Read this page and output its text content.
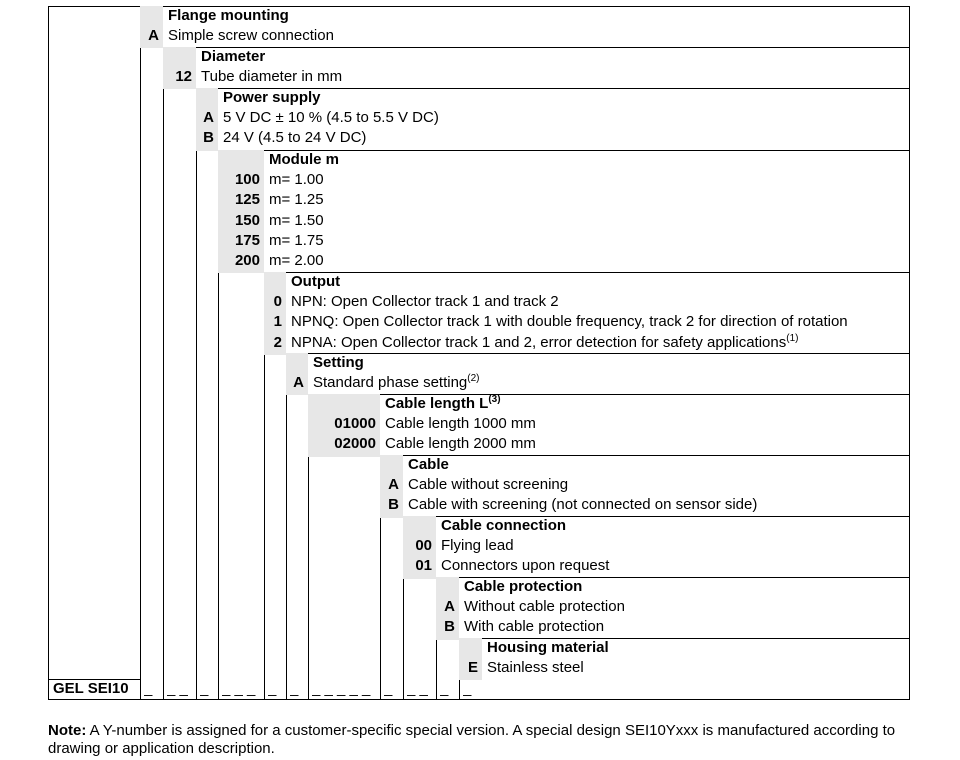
Flange mounting
A Simple screw connection
Diameter
12 Tube diameter in mm
Power supply
A 5 V DC ± 10 % (4.5 to 5.5 V DC)
B 24 V (4.5 to 24 V DC)
Module m
100 m= 1.00
125 m= 1.25
150 m= 1.50
175 m= 1.75
200 m= 2.00
Output
0 NPN: Open Collector track 1 and track 2
1 NPNQ: Open Collector track 1 with double frequency, track 2 for direction of rotation
2 NPNA: Open Collector track 1 and 2, error detection for safety applications$^{(1)}$
Setting
A Standard phase setting$^{(2)}$
Cable length $L^{(3)}$
01000 Cable length 1000 mm
02000 Cable length 2000 mm
Cable
A Cable without screening
B Cable with screening (not connected on sensor side)
Cable connection
00 Flying lead
01 Connectors upon request
Cable protection
A Without cable protection
B With cable protection
Housing material
E Stainless steel
GEL SEI10 _ _ _ _ _ _ _ _ _ _ _ _ _ _ _ _ _ _ _
Note: A Y-number is assigned for a customer-specific special version. A special design SEI10Yxxx is manufactured according to drawing or application description.
